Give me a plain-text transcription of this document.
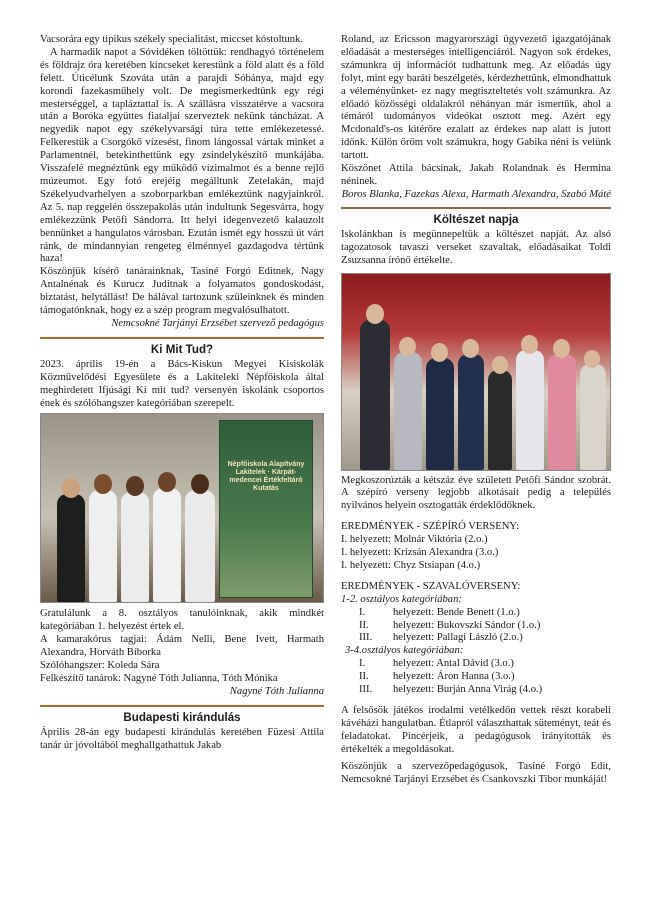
Vacsorára egy tipikus székely specialitást, miccset kóstoltunk.

A harmadik napot a Sóvidéken töltöttük: rendhagyó történelem és földrajz óra keretében kincseket kerestünk a föld alatt és a föld felett. Úticélunk Szováta után a parajdi Sóbánya, majd egy korondi fazekasműhely volt. De megismerkedtünk egy régi mesterséggel, a tapláztattal is. A szállásra visszatérve a vacsora után a Boróka együttes fiataljai szerveztek nekünk táncházat. A negyedik napot egy székelyvarsági túra tette emlékezetessé. Felkerestük a Csorgókő vízesést, finom lángossal vártak minket a Parlamentnél, betekinthettünk egy zsindelykészítő munkájába. Visszafelé megnéztünk egy működő vízimalmot és a benne rejlő múzeumot. Egy fotó erejéig megálltunk Zetelakán, majd Székelyudvarhelyen a szoborparkban emlékeztünk nagyjainkról. Az 5. nap reggelén összepakolás után indultunk Segesvárra, hogy emlékezzünk Petőfi Sándorra. Itt helyi idegenvezető kalauzolt bennünket a hangulatos városban. Ezután ismét egy hosszú út várt ránk, de mindannyian rengeteg élménnyel gazdagodva tértünk haza!

Köszönjük kísérő tanárainknak, Tasiné Forgó Editnek, Nagy Antalnénak és Kurucz Juditnak a folyamatos gondoskodást, biztatást, helytállást! De hálával tartozunk szüleinknek és minden támogatónknak, hogy ez a szép program megvalósulhatott.

Nemcsokné Tarjányi Erzsébet szervező pedagógus

Ki Mit Tud?

2023. április 19-én a Bács-Kiskun Megyei Kisiskolák Közművelődési Egyesülete és a Lakiteleki Népfőiskola által meghirdetett Ifjúsági Ki mit tud? versenyén iskolánk csoportos ének és szólóhangszer kategóriában szerepelt.

Népfőiskola Alapítvány Lakitelek · Kárpát-medencei Értékfeltáró Kutatás

Gratulálunk a 8. osztályos tanulóinknak, akik mindkét kategóriában 1. helyezést értek el.

A kamarakórus tagjai: Ádám Nelli, Bene Ivett, Harmath Alexandra, Horváth Bíborka

Szólóhangszer: Koleda Sára

Felkészítő tanárok: Nagyné Tóth Julianna, Tóth Mónika

Nagyné Tóth Julianna

Budapesti kirándulás

Április 28-án egy budapesti kirándulás keretében Füzesi Attila tanár úr jóvoltából meghallgathattuk Jakab

Roland, az Ericsson magyarországi ügyvezető igazgatójának előadását a mesterséges intelligenciáról. Nagyon sok érdekes, számunkra új információt tudhattunk meg. Az előadás úgy folyt, mint egy baráti beszélgetés, kérdezhettünk, elmondhattuk a véleményünket- ez nagy megtiszteltetés volt számunkra. Az előadó közösségi oldalakról néhányan már ismertük, ahol a témáról tudományos videókat osztott meg. Azért egy Mcdonald's-os kitérőre ezalatt az érdekes nap alatt is jutott időnk. Külön öröm volt számukra, hogy Gabika néni is velünk tartott.

Köszönet Attila bácsinak, Jakab Rolandnak és Hermina néninek.

Boros Blanka, Fazekas Alexa, Harmath Alexandra, Szabó Máté

Költészet napja

Iskolánkban is megünnepeltük a költészet napját. Az alsó tagozatosok tavaszi verseket szavaltak, előadásaikat Toldi Zsuzsanna írónő értékelte.

Megkoszorúzták a kétszáz éve született Petőfi Sándor szobrát. A szépíró verseny legjobb alkotásait pedig a település nyilvános helyein osztogatták érdeklődőknek.

EREDMÉNYEK - SZÉPÍRÓ VERSENY:

I. helyezett: Molnár Viktória (2.o.)

I. helyezett: Krizsán Alexandra (3.o.)

I. helyezett: Chyz Stsiapan (4.o.)

EREDMÉNYEK - SZAVALÓVERSENY:

1-2. osztályos kategóriában:

I.	helyezett: Bende Benett (1.o.)
II.	helyezett: Bukovszki Sándor (1.o.)
III.	helyezett: Pallagi László (2.o.)

3-4.osztályos kategóriában:

I.	helyezett: Antal Dávid (3.o.)
II.	helyezett: Áron Hanna (3.o.)
III.	helyezett: Burján Anna Virág (4.o.)

A felsősök játékos irodalmi vetélkedőn vettek részt korabeli kávéházi hangulatban. Étlapról választhattak süteményt, teát és feladatokat. Pincérjeik, a pedagógusok irányították és értékelték a megoldásokat.

Köszönjük a szervezőpedagógusok, Tasiné Forgó Edit, Nemcsokné Tarjányi Erzsébet és Csankovszki Tibor munkáját!
